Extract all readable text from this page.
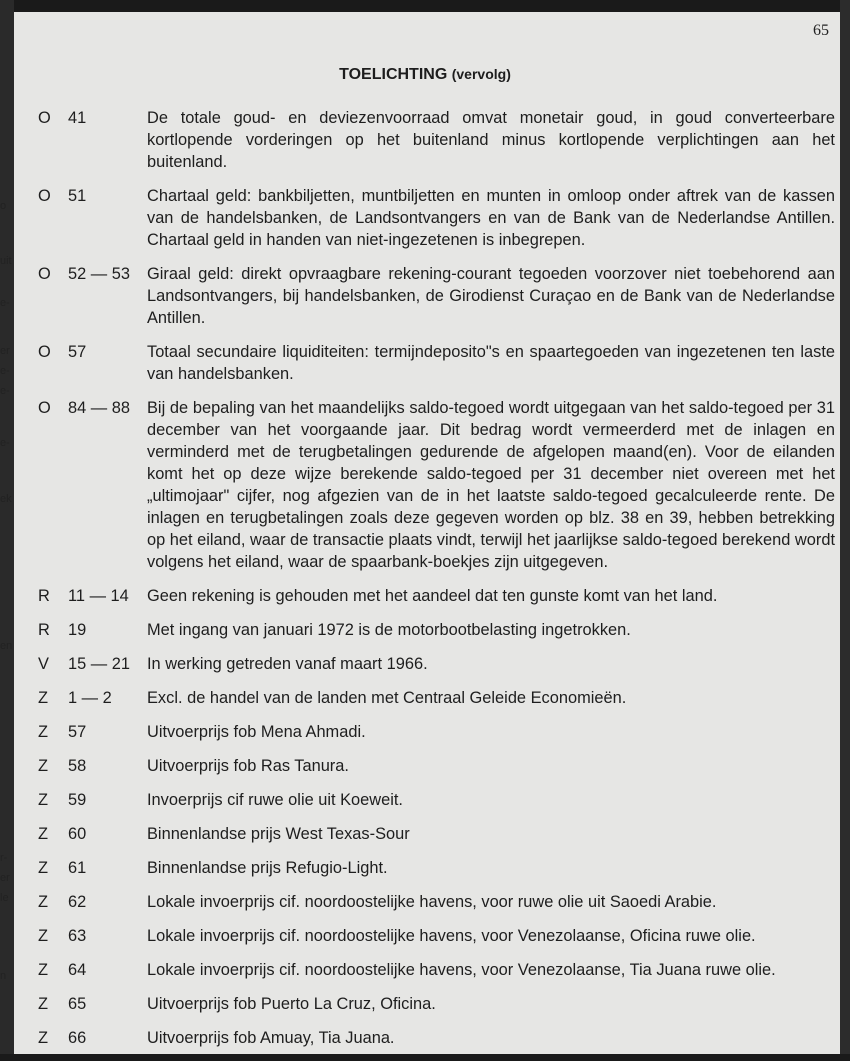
o
uit
e-
er
e-
e-
e-
ek
en
r-
er
le
n
65
TOELICHTING (vervolg)
O 41	De totale goud- en deviezenvoorraad omvat monetair goud, in goud converteerbare kortlopende vorderingen op het buitenland minus kortlopende verplichtingen aan het buitenland.
O 51	Chartaal geld: bankbiljetten, muntbiljetten en munten in omloop onder aftrek van de kassen van de handelsbanken, de Landsontvangers en van de Bank van de Nederlandse Antillen. Chartaal geld in handen van niet-ingezetenen is inbegrepen.
O 52 — 53	Giraal geld: direkt opvraagbare rekening-courant tegoeden voorzover niet toebehorend aan Landsontvangers, bij handelsbanken, de Girodienst Curaçao en de Bank van de Nederlandse Antillen.
O 57	Totaal secundaire liquiditeiten: termijndeposito"s en spaartegoeden van ingezetenen ten laste van handelsbanken.
O 84 — 88	Bij de bepaling van het maandelijks saldo-tegoed wordt uitgegaan van het saldo-tegoed per 31 december van het voorgaande jaar. Dit bedrag wordt vermeerderd met de inlagen en verminderd met de terugbetalingen gedurende de afgelopen maand(en). Voor de eilanden komt het op deze wijze berekende saldo-tegoed per 31 december niet overeen met het „ultimojaar" cijfer, nog afgezien van de in het laatste saldo-tegoed gecalculeerde rente. De inlagen en terugbetalingen zoals deze gegeven worden op blz. 38 en 39, hebben betrekking op het eiland, waar de transactie plaats vindt, terwijl het jaarlijkse saldo-tegoed berekend wordt volgens het eiland, waar de spaarbank-boekjes zijn uitgegeven.
R 11 — 14	Geen rekening is gehouden met het aandeel dat ten gunste komt van het land.
R 19	Met ingang van januari 1972 is de motorbootbelasting ingetrokken.
V 15 — 21	In werking getreden vanaf maart 1966.
Z 1 — 2	Excl. de handel van de landen met Centraal Geleide Economieën.
Z 57	Uitvoerprijs fob Mena Ahmadi.
Z 58	Uitvoerprijs fob Ras Tanura.
Z 59	Invoerprijs cif ruwe olie uit Koeweit.
Z 60	Binnenlandse prijs West Texas-Sour
Z 61	Binnenlandse prijs Refugio-Light.
Z 62	Lokale invoerprijs cif. noordoostelijke havens, voor ruwe olie uit Saoedi Arabie.
Z 63	Lokale invoerprijs cif. noordoostelijke havens, voor Venezolaanse, Oficina ruwe olie.
Z 64	Lokale invoerprijs cif. noordoostelijke havens, voor Venezolaanse, Tia Juana ruwe olie.
Z 65	Uitvoerprijs fob Puerto La Cruz, Oficina.
Z 66	Uitvoerprijs fob Amuay, Tia Juana.
